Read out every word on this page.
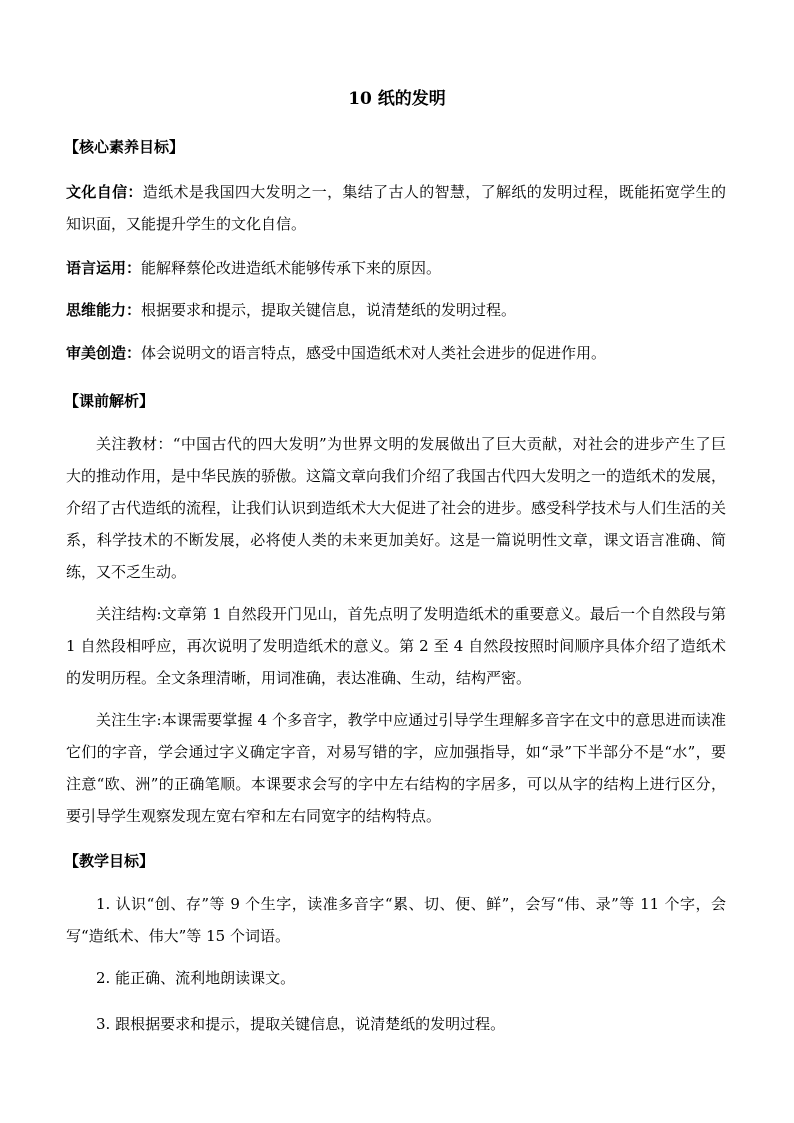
10 纸的发明
【核心素养目标】
文化自信：造纸术是我国四大发明之一，集结了古人的智慧，了解纸的发明过程，既能拓宽学生的知识面，又能提升学生的文化自信。
语言运用：能解释蔡伦改进造纸术能够传承下来的原因。
思维能力：根据要求和提示，提取关键信息，说清楚纸的发明过程。
审美创造：体会说明文的语言特点，感受中国造纸术对人类社会进步的促进作用。
【课前解析】
关注教材：“中国古代的四大发明”为世界文明的发展做出了巨大贡献，对社会的进步产生了巨大的推动作用，是中华民族的骄傲。这篇文章向我们介绍了我国古代四大发明之一的造纸术的发展，介绍了古代造纸的流程，让我们认识到造纸术大大促进了社会的进步。感受科学技术与人们生活的关系，科学技术的不断发展，必将使人类的未来更加美好。这是一篇说明性文章，课文语言准确、简练，又不乏生动。
关注结构:文章第 1 自然段开门见山，首先点明了发明造纸术的重要意义。最后一个自然段与第 1 自然段相呼应，再次说明了发明造纸术的意义。第 2 至 4 自然段按照时间顺序具体介绍了造纸术的发明历程。全文条理清晰，用词准确，表达准确、生动，结构严密。
关注生字:本课需要掌握 4 个多音字，教学中应通过引导学生理解多音字在文中的意思进而读准它们的字音，学会通过字义确定字音，对易写错的字，应加强指导，如“录”下半部分不是“水”，要注意“欧、洲”的正确笔顺。本课要求会写的字中左右结构的字居多，可以从字的结构上进行区分，要引导学生观察发现左宽右窄和左右同宽字的结构特点。
【教学目标】
1. 认识“创、存”等 9 个生字，读准多音字“累、切、便、鲜”，会写“伟、录”等 11 个字，会写“造纸术、伟大”等 15 个词语。
2. 能正确、流利地朗读课文。
3. 跟根据要求和提示，提取关键信息，说清楚纸的发明过程。
